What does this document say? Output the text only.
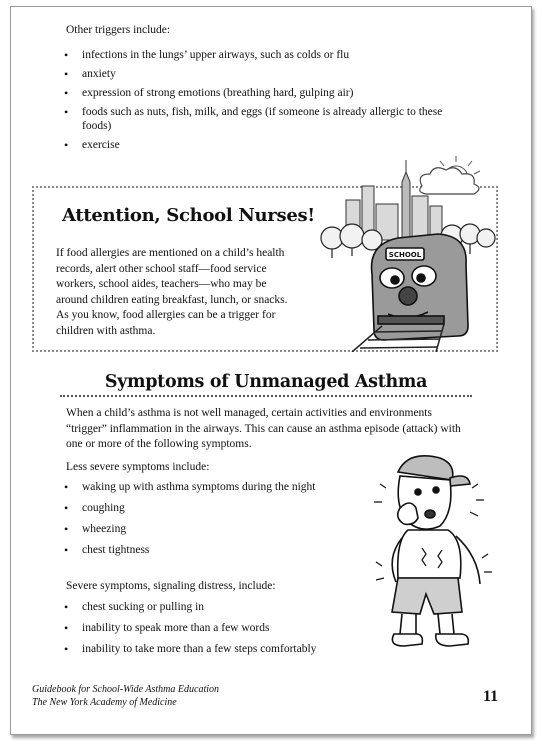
Other triggers include:

• infections in the lungs’ upper airways, such as colds or flu
• anxiety
• expression of strong emotions (breathing hard, gulping air)
• foods such as nuts, fish, milk, and eggs (if someone is already allergic to these foods)
• exercise
Attention, School Nurses!

If food allergies are mentioned on a child’s health records, alert other school staff—food service workers, school aides, teachers—who may be around children eating breakfast, lunch, or snacks. As you know, food allergies can be a trigger for children with asthma.

SCHOOL
Symptoms of Unmanaged Asthma

When a child’s asthma is not well managed, certain activities and environments “trigger” inflammation in the airways. This can cause an asthma episode (attack) with one or more of the following symptoms.

Less severe symptoms include:

• waking up with asthma symptoms during the night
• coughing
• wheezing
• chest tightness

Severe symptoms, signaling distress, include:

• chest sucking or pulling in
• inability to speak more than a few words
• inability to take more than a few steps comfortably
Guidebook for School-Wide Asthma Education
The New York Academy of Medicine	11
